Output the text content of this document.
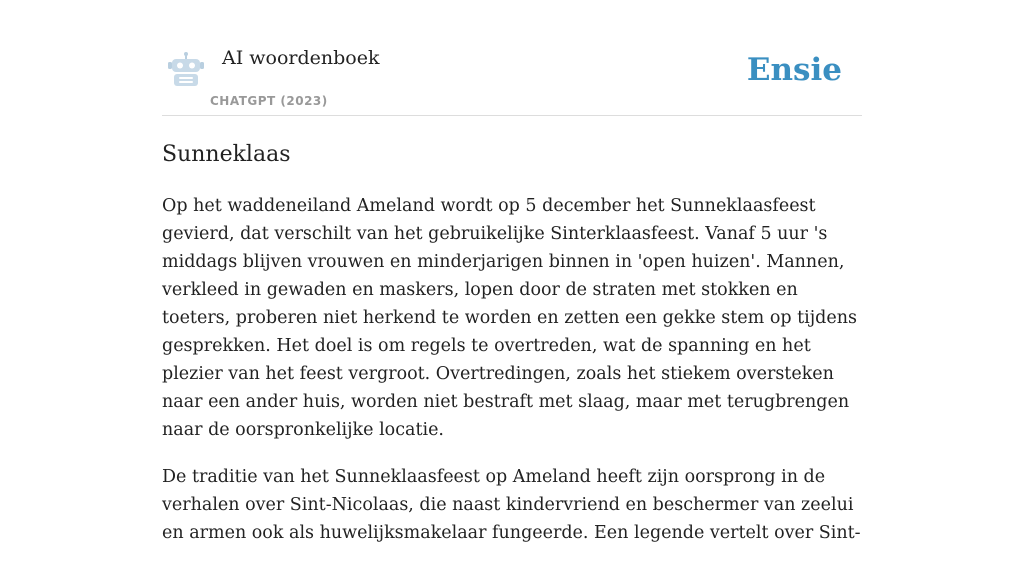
AI woordenboek
CHATGPT (2023)
Ensie
Sunneklaas

Op het waddeneiland Ameland wordt op 5 december het Sunneklaasfeest gevierd, dat verschilt van het gebruikelijke Sinterklaasfeest. Vanaf 5 uur 's middags blijven vrouwen en minderjarigen binnen in 'open huizen'. Mannen, verkleed in gewaden en maskers, lopen door de straten met stokken en toeters, proberen niet herkend te worden en zetten een gekke stem op tijdens gesprekken. Het doel is om regels te overtreden, wat de spanning en het plezier van het feest vergroot. Overtredingen, zoals het stiekem oversteken naar een ander huis, worden niet bestraft met slaag, maar met terugbrengen naar de oorspronkelijke locatie.

De traditie van het Sunneklaasfeest op Ameland heeft zijn oorsprong in de verhalen over Sint-Nicolaas, die naast kindervriend en beschermer van zeelui en armen ook als huwelijksmakelaar fungeerde. Een legende vertelt over Sint-
